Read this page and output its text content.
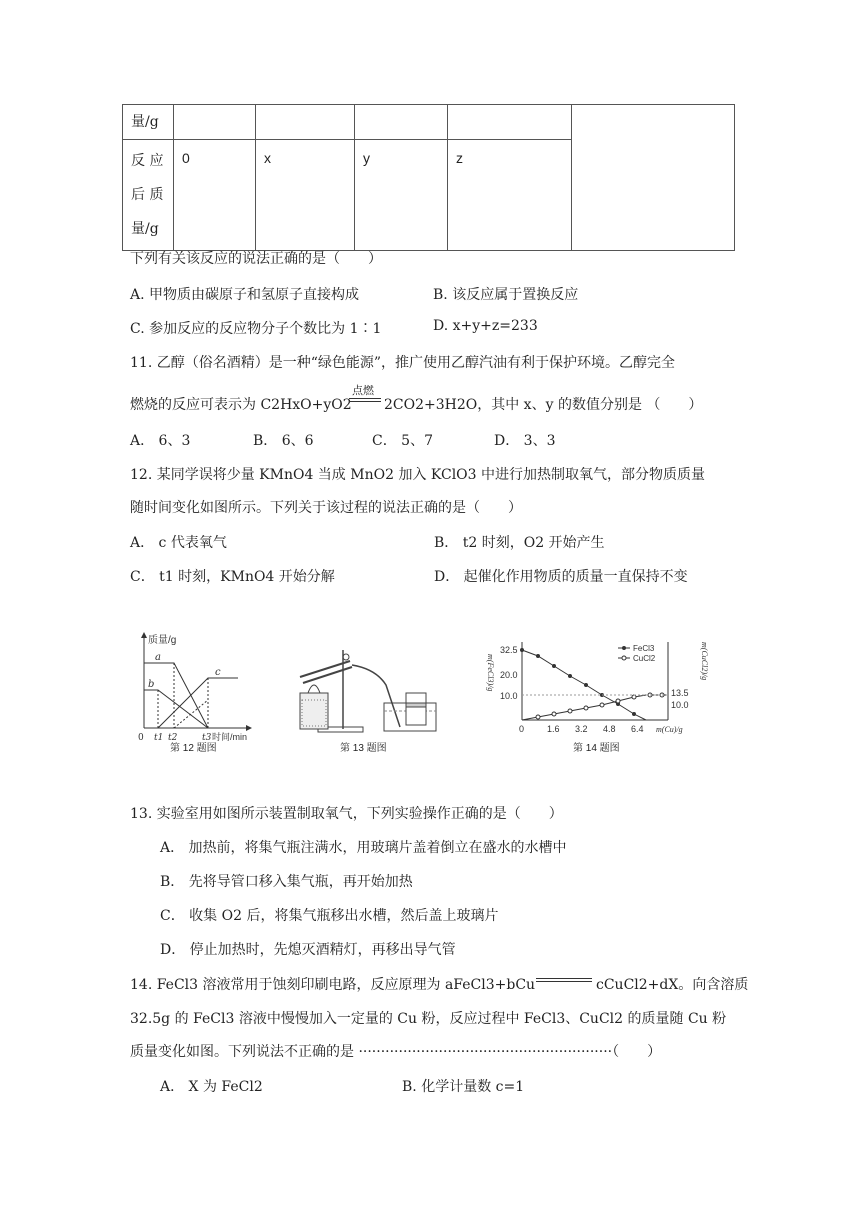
量/g					

反 应
后 质
量/g	0	x	y	z	
下列有关该反应的说法正确的是（　　）
A. 甲物质由碳原子和氢原子直接构成	B. 该反应属于置换反应
C. 参加反应的反应物分子个数比为 1∶1	D. x+y+z=233
11. 乙醇（俗名酒精）是一种“绿色能源”，推广使用乙醇汽油有利于保护环境。乙醇完全
燃烧的反应可表示为 C2HxO+yO2
点燃
2CO2+3H2O，其中 x、y 的数值分别是 （　　）
A． 6、3	B． 6、6	C． 5、7	D． 3、3
12. 某同学误将少量 KMnO4 当成 MnO2 加入 KClO3 中进行加热制取氧气，部分物质质量
随时间变化如图所示。下列关于该过程的说法正确的是（　　）
A． c 代表氧气	B． t2 时刻，O2 开始产生
C． t1 时刻，KMnO4 开始分解	D． 起催化作用物质的质量一直保持不变
质量/g
a
b
c
0 t1 t2	t3 时间/min
第 12 题图	第 13 题图
FeCl3
CuCl2
32.5
20.0
10.0	13.5
10.0
0	1.6 3.2 4.8 6.4 m(Cu)/g
m(FeCl3)/g	m(CuCl2)/g
第 14 题图
13. 实验室用如图所示装置制取氧气，下列实验操作正确的是（　　）
A． 加热前，将集气瓶注满水，用玻璃片盖着倒立在盛水的水槽中
B． 先将导管口移入集气瓶，再开始加热
C． 收集 O2 后，将集气瓶移出水槽，然后盖上玻璃片
D． 停止加热时，先熄灭酒精灯，再移出导气管
14. FeCl3 溶液常用于蚀刻印刷电路，反应原理为 aFeCl3+bCu	cCuCl2+dX。向含溶质
32.5g 的 FeCl3 溶液中慢慢加入一定量的 Cu 粉，反应过程中 FeCl3、CuCl2 的质量随 Cu 粉
质量变化如图。下列说法不正确的是 ·························································（　　）
A． X 为 FeCl2	B. 化学计量数 c=1
